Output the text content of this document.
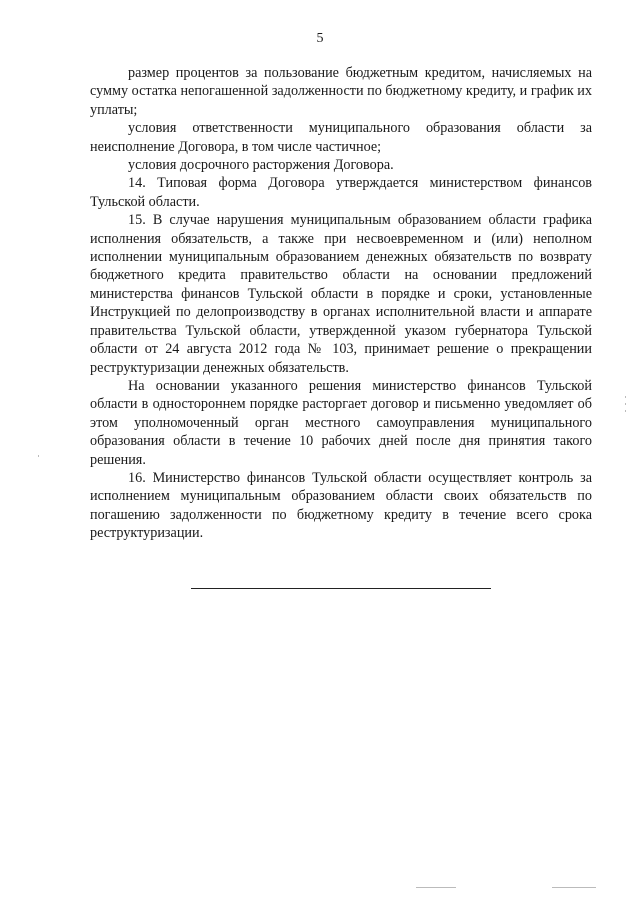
5

размер процентов за пользование бюджетным кредитом, начисляемых на сумму остатка непогашенной задолженности по бюджетному кредиту, и график их уплаты;

условия ответственности муниципального образования области за неисполнение Договора, в том числе частичное;

условия досрочного расторжения Договора.

14. Типовая форма Договора утверждается министерством финансов Тульской области.

15. В случае нарушения муниципальным образованием области графика исполнения обязательств, а также при несвоевременном и (или) неполном исполнении муниципальным образованием денежных обязательств по возврату бюджетного кредита правительство области на основании предложений министерства финансов Тульской области в порядке и сроки, установленные Инструкцией по делопроизводству в органах исполнительной власти и аппарате правительства Тульской области, утвержденной указом губернатора Тульской области от 24 августа 2012 года № 103, принимает решение о прекращении реструктуризации денежных обязательств.

На основании указанного решения министерство финансов Тульской области в одностороннем порядке расторгает договор и письменно уведомляет об этом уполномоченный орган местного самоуправления муниципального образования области в течение 10 рабочих дней после дня принятия такого решения.

16. Министерство финансов Тульской области осуществляет контроль за исполнением муниципальным образованием области своих обязательств по погашению задолженности по бюджетному кредиту в течение всего срока реструктуризации.
